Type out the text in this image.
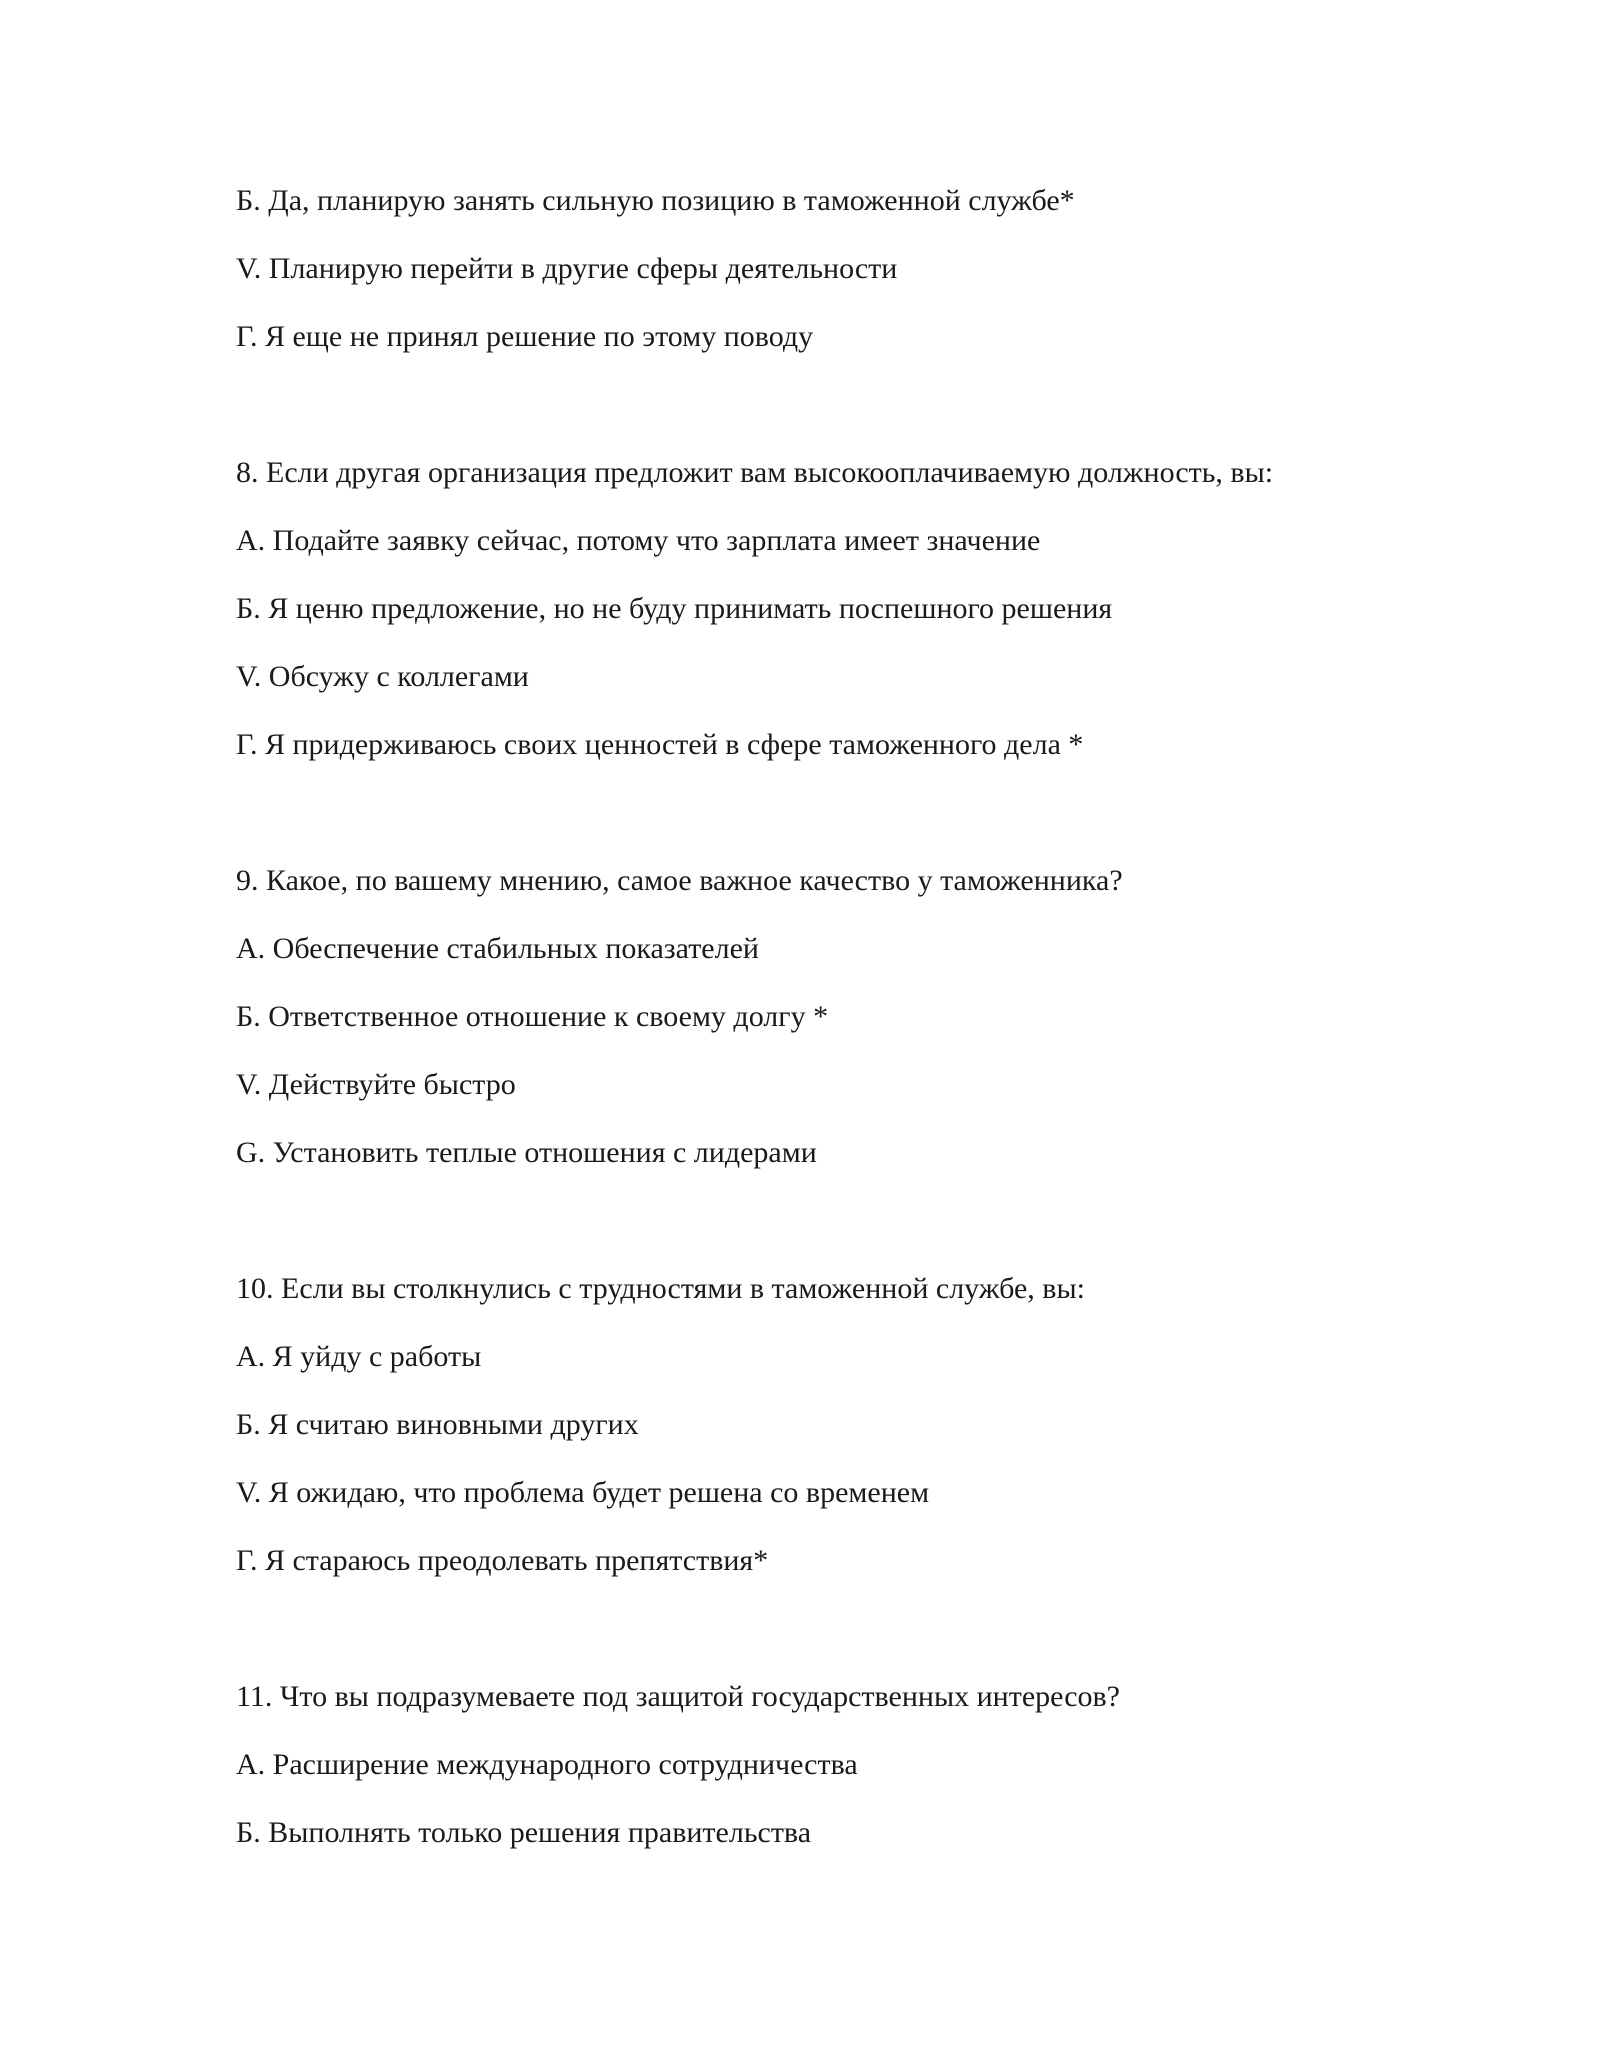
Б. Да, планирую занять сильную позицию в таможенной службе*
V. Планирую перейти в другие сферы деятельности
Г. Я еще не принял решение по этому поводу
8. Если другая организация предложит вам высокооплачиваемую должность, вы:
А. Подайте заявку сейчас, потому что зарплата имеет значение
Б. Я ценю предложение, но не буду принимать поспешного решения
V. Обсужу с коллегами
Г. Я придерживаюсь своих ценностей в сфере таможенного дела *
9. Какое, по вашему мнению, самое важное качество у таможенника?
А. Обеспечение стабильных показателей
Б. Ответственное отношение к своему долгу *
V. Действуйте быстро
G. Установить теплые отношения с лидерами
10. Если вы столкнулись с трудностями в таможенной службе, вы:
А. Я уйду с работы
Б. Я считаю виновными других
V. Я ожидаю, что проблема будет решена со временем
Г. Я стараюсь преодолевать препятствия*
11. Что вы подразумеваете под защитой государственных интересов?
А. Расширение международного сотрудничества
Б. Выполнять только решения правительства
